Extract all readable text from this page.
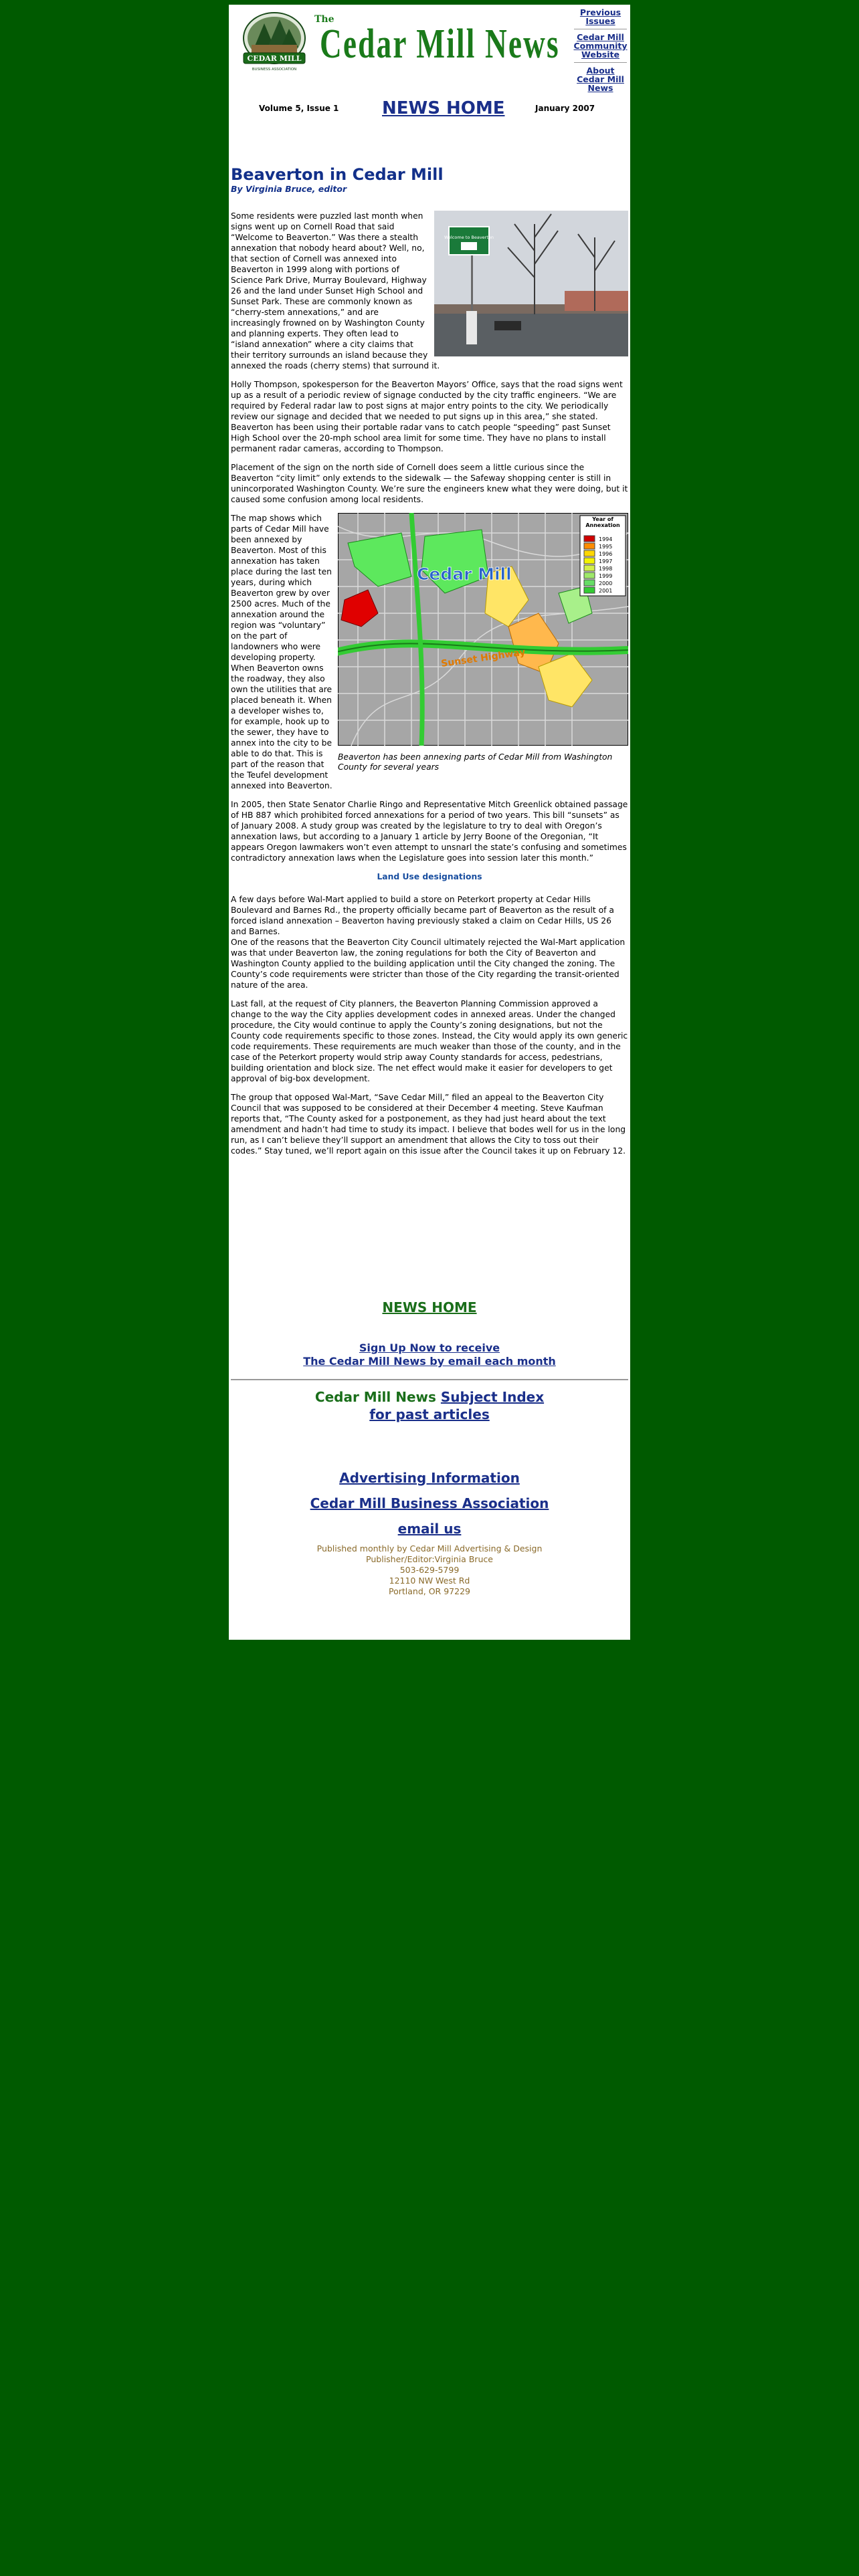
CEDAR MILL
BUSINESS ASSOCIATION
The
Cedar Mill News
Previous Issues
Cedar Mill Community Website
About Cedar Mill News
Volume 5, Issue 1 NEWS HOME	January 2007
Beaverton in Cedar Mill
By Virginia Bruce, editor
Welcome to Beaverton

Some residents were puzzled last month when signs went up on Cornell Road that said “Welcome to Beaverton.” Was there a stealth annexation that nobody heard about? Well, no, that section of Cornell was annexed into Beaverton in 1999 along with portions of Science Park Drive, Murray Boulevard, Highway 26 and the land under Sunset High School and Sunset Park. These are commonly known as “cherry-stem annexations,” and are increasingly frowned on by Washington County and planning experts. They often lead to “island annexation” where a city claims that their territory surrounds an island because they annexed the roads (cherry stems) that surround it.

Holly Thompson, spokesperson for the Beaverton Mayors’ Office, says that the road signs went up as a result of a periodic review of signage conducted by the city traffic engineers. “We are required by Federal radar law to post signs at major entry points to the city. We periodically review our signage and decided that we needed to put signs up in this area,” she stated. Beaverton has been using their portable radar vans to catch people “speeding” past Sunset High School over the 20-mph school area limit for some time. They have no plans to install permanent radar cameras, according to Thompson.

Placement of the sign on the north side of Cornell does seem a little curious since the Beaverton “city limit” only extends to the sidewalk — the Safeway shopping center is still in unincorporated Washington County. We’re sure the engineers knew what they were doing, but it caused some confusion among local residents.

Cedar Mill
Sunset Highway
Year of Annexation
1994
1995
1996
1997
1998
1999
2000
2001
Beaverton has been annexing parts of Cedar Mill from Washington County for several years

The map shows which parts of Cedar Mill have been annexed by Beaverton. Most of this annexation has taken place during the last ten years, during which Beaverton grew by over 2500 acres. Much of the annexation around the region was “voluntary” on the part of landowners who were developing property. When Beaverton owns the roadway, they also own the utilities that are placed beneath it. When a developer wishes to, for example, hook up to the sewer, they have to annex into the city to be able to do that. This is part of the reason that the Teufel development annexed into Beaverton.

In 2005, then State Senator Charlie Ringo and Representative Mitch Greenlick obtained passage of HB 887 which prohibited forced annexations for a period of two years. This bill “sunsets” as of January 2008. A study group was created by the legislature to try to deal with Oregon’s annexation laws, but according to a January 1 article by Jerry Boone of the Oregonian, “It appears Oregon lawmakers won’t even attempt to unsnarl the state’s confusing and sometimes contradictory annexation laws when the Legislature goes into session later this month.”

Land Use designations

A few days before Wal-Mart applied to build a store on Peterkort property at Cedar Hills Boulevard and Barnes Rd., the property officially became part of Beaverton as the result of a forced island annexation – Beaverton having previously staked a claim on Cedar Hills, US 26 and Barnes.

One of the reasons that the Beaverton City Council ultimately rejected the Wal-Mart application was that under Beaverton law, the zoning regulations for both the City of Beaverton and Washington County applied to the building application until the City changed the zoning. The County’s code requirements were stricter than those of the City regarding the transit-oriented nature of the area.

Last fall, at the request of City planners, the Beaverton Planning Commission approved a change to the way the City applies development codes in annexed areas. Under the changed procedure, the City would continue to apply the County’s zoning designations, but not the County code requirements specific to those zones. Instead, the City would apply its own generic code requirements. These requirements are much weaker than those of the county, and in the case of the Peterkort property would strip away County standards for access, pedestrians, building orientation and block size. The net effect would make it easier for developers to get approval of big-box development.

The group that opposed Wal-Mart, “Save Cedar Mill,” filed an appeal to the Beaverton City Council that was supposed to be considered at their December 4 meeting. Steve Kaufman reports that, “The County asked for a postponement, as they had just heard about the text amendment and hadn’t had time to study its impact. I believe that bodes well for us in the long run, as I can’t believe they’ll support an amendment that allows the City to toss out their codes.” Stay tuned, we’ll report again on this issue after the Council takes it up on February 12.

NEWS HOME
Sign Up Now to receive
The Cedar Mill News by email each month
Cedar Mill News Subject Index
for past articles
Advertising Information
Cedar Mill Business Association
email us
Published monthly by Cedar Mill Advertising & Design
Publisher/Editor:Virginia Bruce
503-629-5799
12110 NW West Rd
Portland, OR 97229
